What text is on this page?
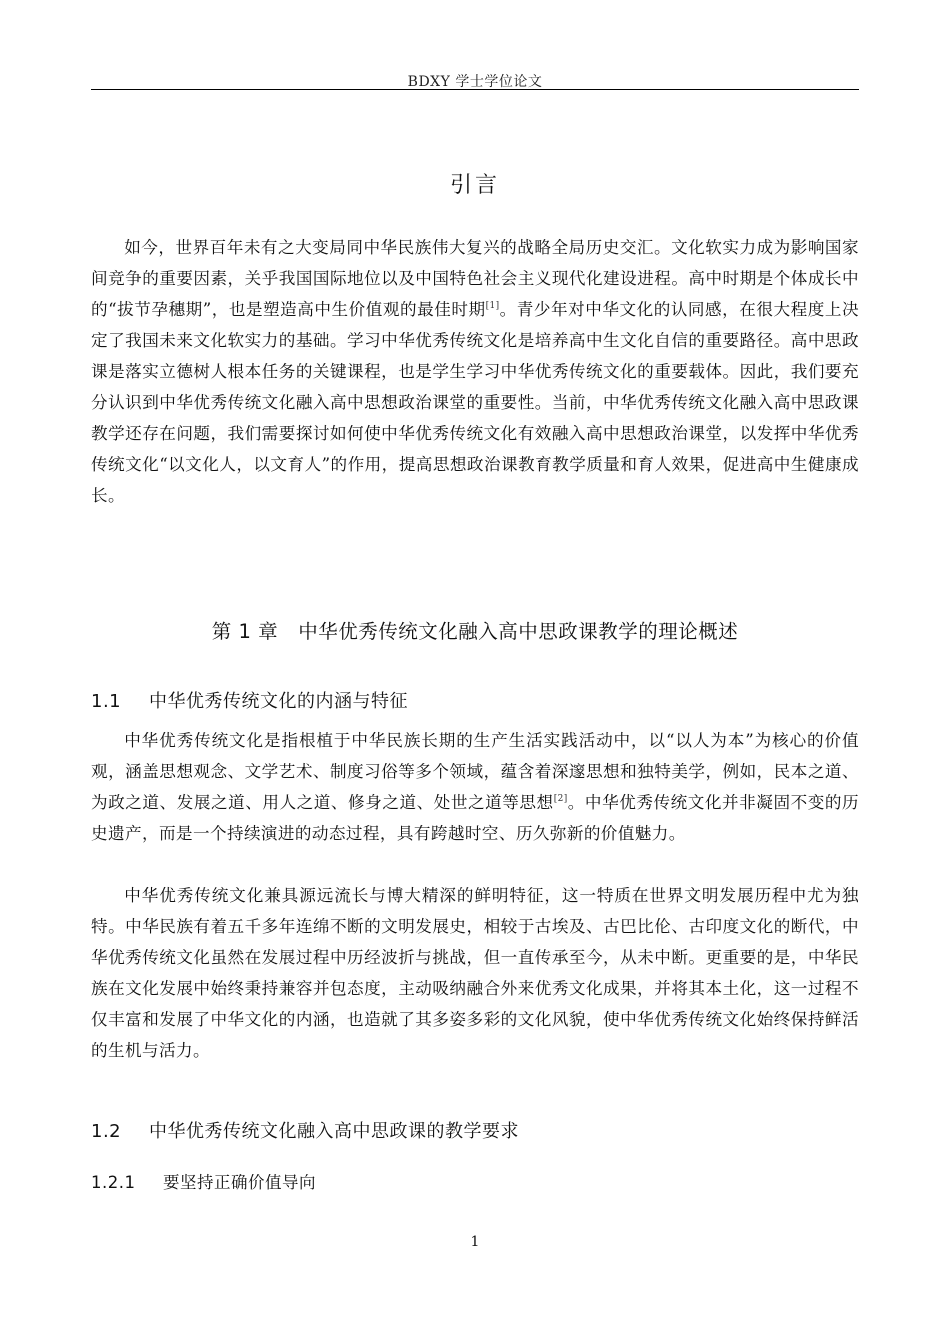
BDXY 学士学位论文
引言

如今，世界百年未有之大变局同中华民族伟大复兴的战略全局历史交汇。文化软实力成为影响国家间竞争的重要因素，关乎我国国际地位以及中国特色社会主义现代化建设进程。高中时期是个体成长中的“拔节孕穗期”，也是塑造高中生价值观的最佳时期[1]。青少年对中华文化的认同感，在很大程度上决定了我国未来文化软实力的基础。学习中华优秀传统文化是培养高中生文化自信的重要路径。高中思政课是落实立德树人根本任务的关键课程，也是学生学习中华优秀传统文化的重要载体。因此，我们要充分认识到中华优秀传统文化融入高中思想政治课堂的重要性。当前，中华优秀传统文化融入高中思政课教学还存在问题，我们需要探讨如何使中华优秀传统文化有效融入高中思想政治课堂，以发挥中华优秀传统文化“以文化人，以文育人”的作用，提高思想政治课教育教学质量和育人效果，促进高中生健康成长。

第 1 章 中华优秀传统文化融入高中思政课教学的理论概述
1.1 中华优秀传统文化的内涵与特征

中华优秀传统文化是指根植于中华民族长期的生产生活实践活动中，以“以人为本”为核心的价值观，涵盖思想观念、文学艺术、制度习俗等多个领域，蕴含着深邃思想和独特美学，例如，民本之道、为政之道、发展之道、用人之道、修身之道、处世之道等思想[2]。中华优秀传统文化并非凝固不变的历史遗产，而是一个持续演进的动态过程，具有跨越时空、历久弥新的价值魅力。

中华优秀传统文化兼具源远流长与博大精深的鲜明特征，这一特质在世界文明发展历程中尤为独特。中华民族有着五千多年连绵不断的文明发展史，相较于古埃及、古巴比伦、古印度文化的断代，中华优秀传统文化虽然在发展过程中历经波折与挑战，但一直传承至今，从未中断。更重要的是，中华民族在文化发展中始终秉持兼容并包态度，主动吸纳融合外来优秀文化成果，并将其本土化，这一过程不仅丰富和发展了中华文化的内涵，也造就了其多姿多彩的文化风貌，使中华优秀传统文化始终保持鲜活的生机与活力。

1.2 中华优秀传统文化融入高中思政课的教学要求
1.2.1 要坚持正确价值导向
1
